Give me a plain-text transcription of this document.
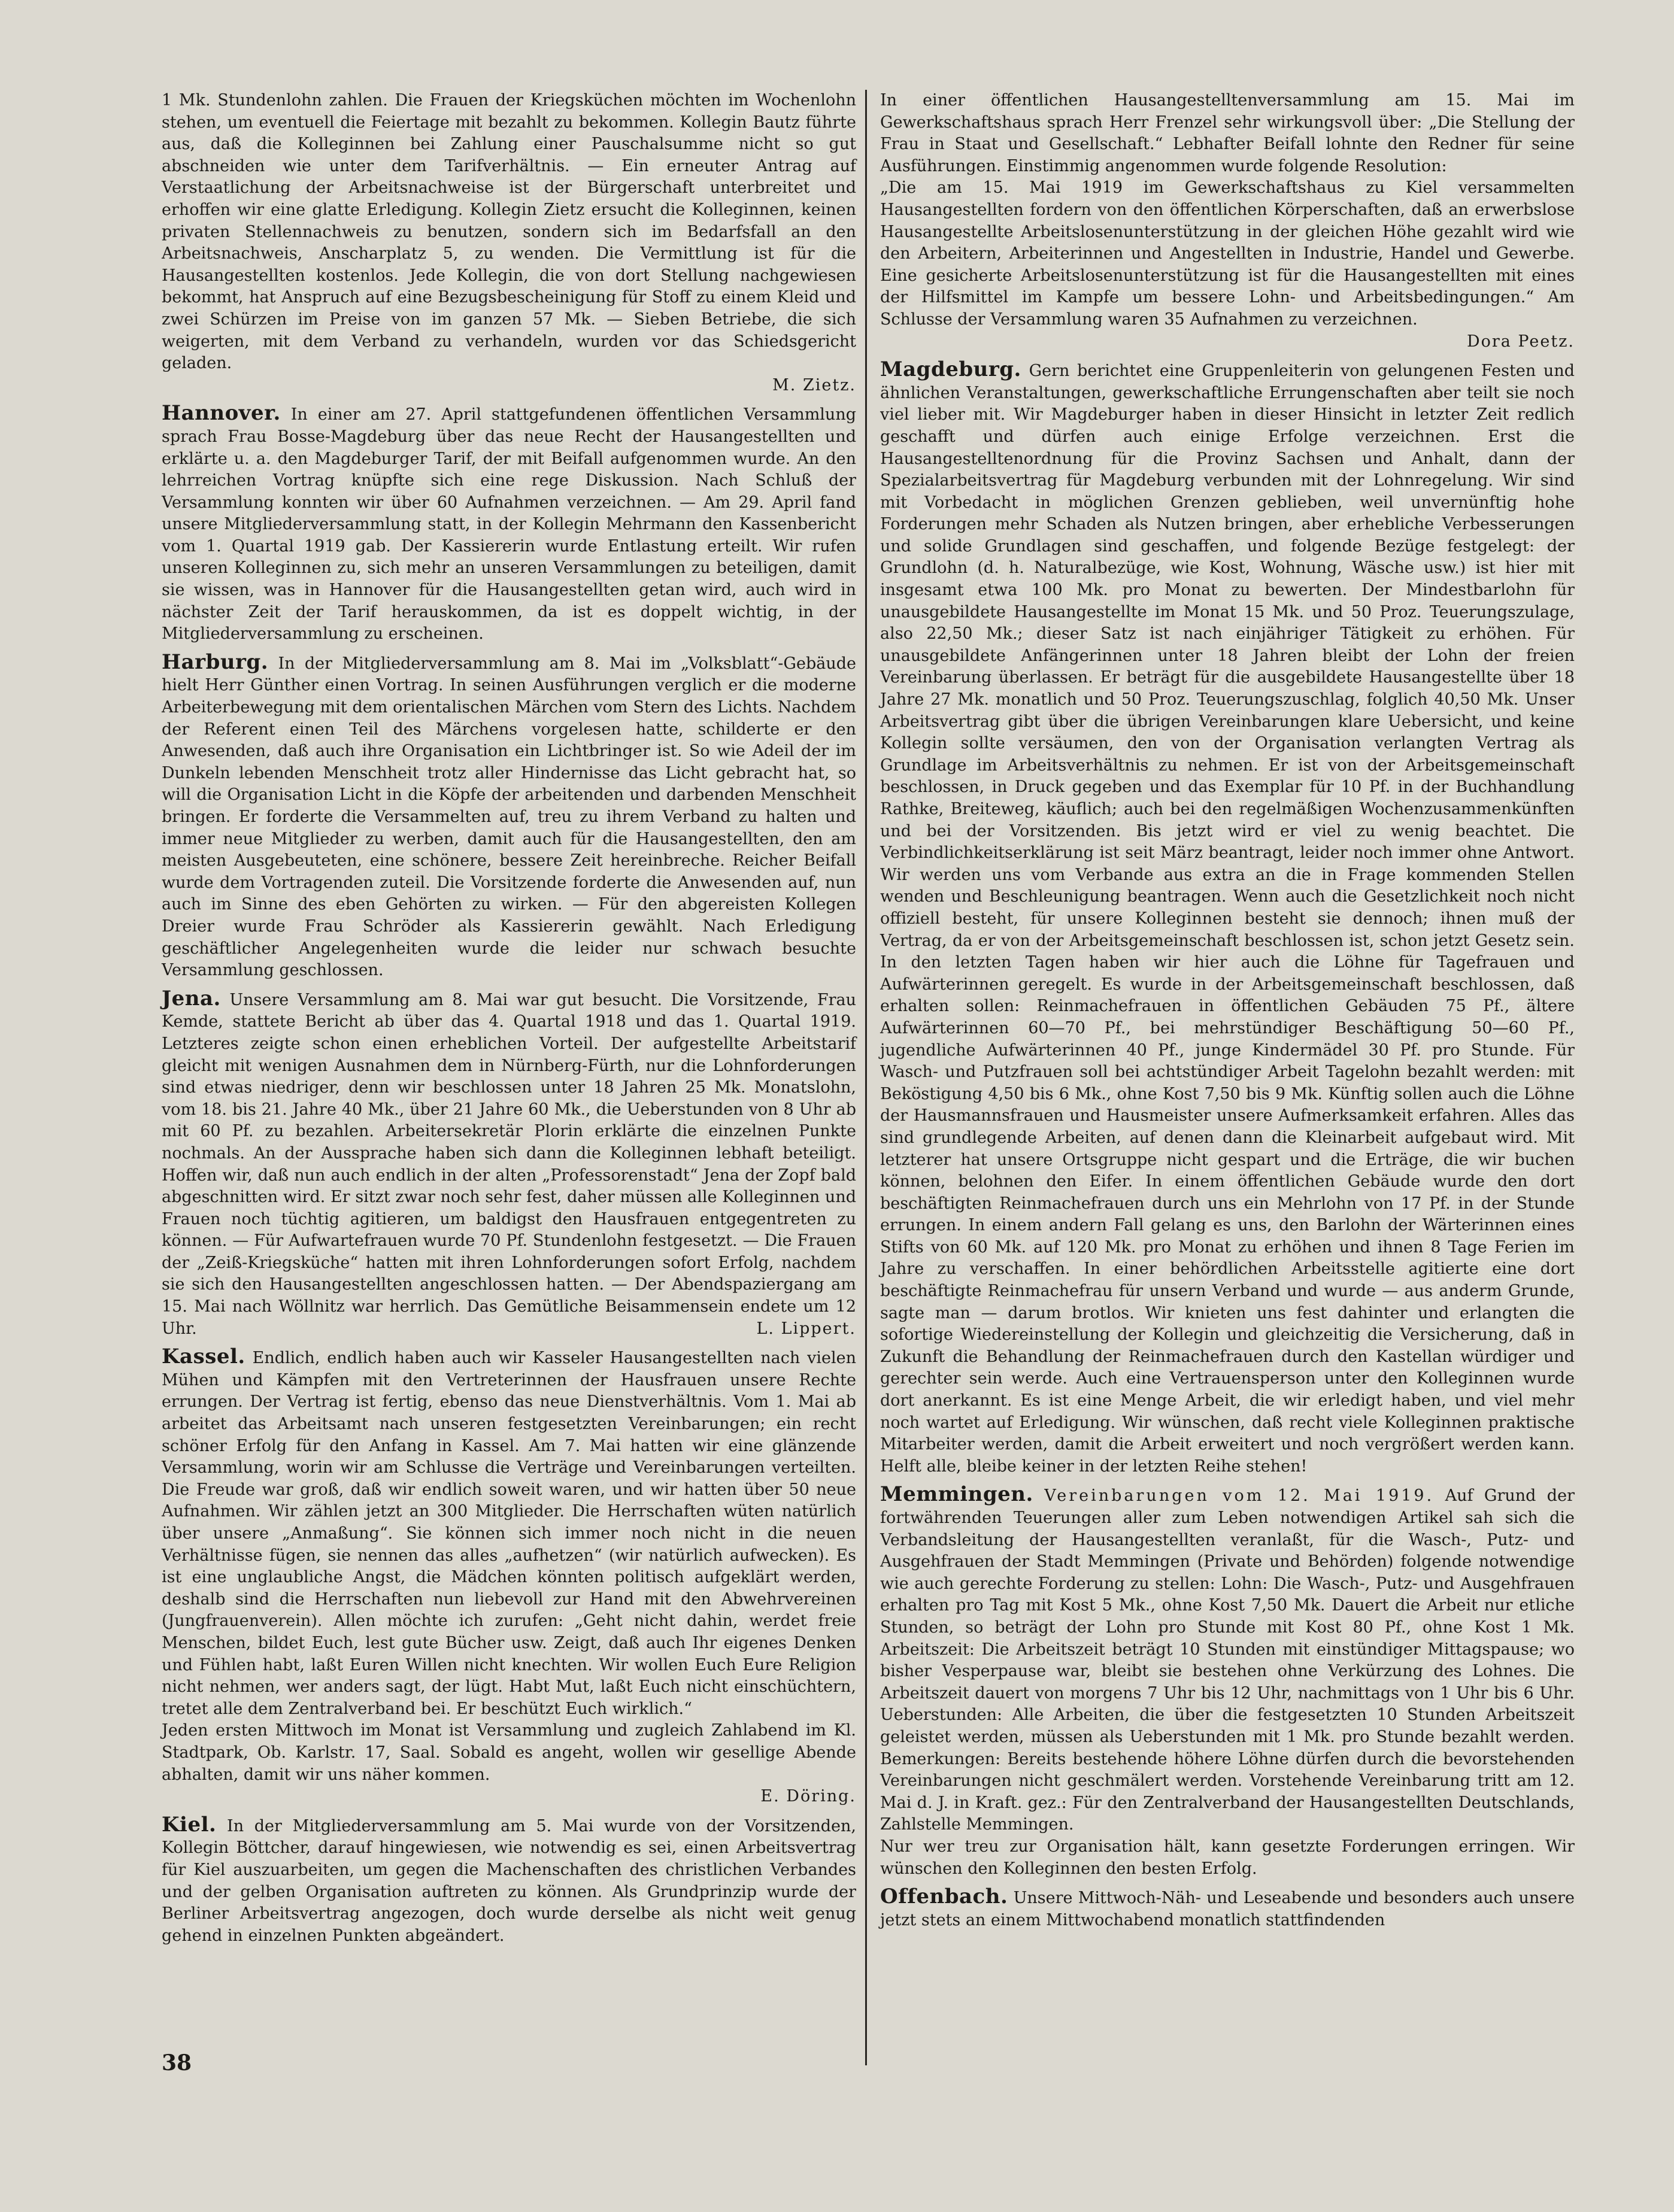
1 Mk. Stundenlohn zahlen. Die Frauen der Kriegsküchen möchten im Wochenlohn stehen, um eventuell die Feiertage mit bezahlt zu bekommen. Kollegin Bautz führte aus, daß die Kolleginnen bei Zahlung einer Pauschalsumme nicht so gut abschneiden wie unter dem Tarifverhältnis. — Ein erneuter Antrag auf Verstaatlichung der Arbeitsnachweise ist der Bürgerschaft unterbreitet und erhoffen wir eine glatte Erledigung. Kollegin Zietz ersucht die Kolleginnen, keinen privaten Stellennachweis zu benutzen, sondern sich im Bedarfsfall an den Arbeitsnachweis, Anscharplatz 5, zu wenden. Die Vermittlung ist für die Hausangestellten kostenlos. Jede Kollegin, die von dort Stellung nachgewiesen bekommt, hat Anspruch auf eine Bezugsbescheinigung für Stoff zu einem Kleid und zwei Schürzen im Preise von im ganzen 57 Mk. — Sieben Betriebe, die sich weigerten, mit dem Verband zu verhandeln, wurden vor das Schiedsgericht geladen.

M. Zietz.

Hannover. In einer am 27. April stattgefundenen öffentlichen Versammlung sprach Frau Bosse-Magdeburg über das neue Recht der Hausangestellten und erklärte u. a. den Magdeburger Tarif, der mit Beifall aufgenommen wurde. An den lehrreichen Vortrag knüpfte sich eine rege Diskussion. Nach Schluß der Versammlung konnten wir über 60 Aufnahmen verzeichnen. — Am 29. April fand unsere Mitgliederversammlung statt, in der Kollegin Mehrmann den Kassenbericht vom 1. Quartal 1919 gab. Der Kassiererin wurde Entlastung erteilt. Wir rufen unseren Kolleginnen zu, sich mehr an unseren Versammlungen zu beteiligen, damit sie wissen, was in Hannover für die Hausangestellten getan wird, auch wird in nächster Zeit der Tarif herauskommen, da ist es doppelt wichtig, in der Mitgliederversammlung zu erscheinen.

Harburg. In der Mitgliederversammlung am 8. Mai im „Volksblatt“-Gebäude hielt Herr Günther einen Vortrag. In seinen Ausführungen verglich er die moderne Arbeiterbewegung mit dem orientalischen Märchen vom Stern des Lichts. Nachdem der Referent einen Teil des Märchens vorgelesen hatte, schilderte er den Anwesenden, daß auch ihre Organisation ein Lichtbringer ist. So wie Adeil der im Dunkeln lebenden Menschheit trotz aller Hindernisse das Licht gebracht hat, so will die Organisation Licht in die Köpfe der arbeitenden und darbenden Menschheit bringen. Er forderte die Versammelten auf, treu zu ihrem Verband zu halten und immer neue Mitglieder zu werben, damit auch für die Hausangestellten, den am meisten Ausgebeuteten, eine schönere, bessere Zeit hereinbreche. Reicher Beifall wurde dem Vortragenden zuteil. Die Vorsitzende forderte die Anwesenden auf, nun auch im Sinne des eben Gehörten zu wirken. — Für den abgereisten Kollegen Dreier wurde Frau Schröder als Kassiererin gewählt. Nach Erledigung geschäftlicher Angelegenheiten wurde die leider nur schwach besuchte Versammlung geschlossen.

Jena. Unsere Versammlung am 8. Mai war gut besucht. Die Vorsitzende, Frau Kemde, stattete Bericht ab über das 4. Quartal 1918 und das 1. Quartal 1919. Letzteres zeigte schon einen erheblichen Vorteil. Der aufgestellte Arbeitstarif gleicht mit wenigen Ausnahmen dem in Nürnberg-Fürth, nur die Lohnforderungen sind etwas niedriger, denn wir beschlossen unter 18 Jahren 25 Mk. Monatslohn, vom 18. bis 21. Jahre 40 Mk., über 21 Jahre 60 Mk., die Ueberstunden von 8 Uhr ab mit 60 Pf. zu bezahlen. Arbeitersekretär Plorin erklärte die einzelnen Punkte nochmals. An der Aussprache haben sich dann die Kolleginnen lebhaft beteiligt. Hoffen wir, daß nun auch endlich in der alten „Professorenstadt“ Jena der Zopf bald abgeschnitten wird. Er sitzt zwar noch sehr fest, daher müssen alle Kolleginnen und Frauen noch tüchtig agitieren, um baldigst den Hausfrauen entgegentreten zu können. — Für Aufwartefrauen wurde 70 Pf. Stundenlohn festgesetzt. — Die Frauen der „Zeiß-Kriegsküche“ hatten mit ihren Lohnforderungen sofort Erfolg, nachdem sie sich den Hausangestellten angeschlossen hatten. — Der Abendspaziergang am 15. Mai nach Wöllnitz war herrlich. Das Gemütliche Beisammensein endete um 12 Uhr.	L. Lippert.

Kassel. Endlich, endlich haben auch wir Kasseler Hausangestellten nach vielen Mühen und Kämpfen mit den Vertreterinnen der Hausfrauen unsere Rechte errungen. Der Vertrag ist fertig, ebenso das neue Dienstverhältnis. Vom 1. Mai ab arbeitet das Arbeitsamt nach unseren festgesetzten Vereinbarungen; ein recht schöner Erfolg für den Anfang in Kassel. Am 7. Mai hatten wir eine glänzende Versammlung, worin wir am Schlusse die Verträge und Vereinbarungen verteilten. Die Freude war groß, daß wir endlich soweit waren, und wir hatten über 50 neue Aufnahmen. Wir zählen jetzt an 300 Mitglieder. Die Herrschaften wüten natürlich über unsere „Anmaßung“. Sie können sich immer noch nicht in die neuen Verhältnisse fügen, sie nennen das alles „aufhetzen“ (wir natürlich aufwecken). Es ist eine unglaubliche Angst, die Mädchen könnten politisch aufgeklärt werden, deshalb sind die Herrschaften nun liebevoll zur Hand mit den Abwehrvereinen (Jungfrauenverein). Allen möchte ich zurufen: „Geht nicht dahin, werdet freie Menschen, bildet Euch, lest gute Bücher usw. Zeigt, daß auch Ihr eigenes Denken und Fühlen habt, laßt Euren Willen nicht knechten. Wir wollen Euch Eure Religion nicht nehmen, wer anders sagt, der lügt. Habt Mut, laßt Euch nicht einschüchtern, tretet alle dem Zentralverband bei. Er beschützt Euch wirklich.“

Jeden ersten Mittwoch im Monat ist Versammlung und zugleich Zahlabend im Kl. Stadtpark, Ob. Karlstr. 17, Saal. Sobald es angeht, wollen wir gesellige Abende abhalten, damit wir uns näher kommen.

E. Döring.

Kiel. In der Mitgliederversammlung am 5. Mai wurde von der Vorsitzenden, Kollegin Böttcher, darauf hingewiesen, wie notwendig es sei, einen Arbeitsvertrag für Kiel auszuarbeiten, um gegen die Machenschaften des christlichen Verbandes und der gelben Organisation auftreten zu können. Als Grundprinzip wurde der Berliner Arbeitsvertrag angezogen, doch wurde derselbe als nicht weit genug gehend in einzelnen Punkten abgeändert.

In einer öffentlichen Hausangestelltenversammlung am 15. Mai im Gewerkschaftshaus sprach Herr Frenzel sehr wirkungsvoll über: „Die Stellung der Frau in Staat und Gesellschaft.“ Lebhafter Beifall lohnte den Redner für seine Ausführungen. Einstimmig angenommen wurde folgende Resolution:

„Die am 15. Mai 1919 im Gewerkschaftshaus zu Kiel versammelten Hausangestellten fordern von den öffentlichen Körperschaften, daß an erwerbslose Hausangestellte Arbeitslosenunterstützung in der gleichen Höhe gezahlt wird wie den Arbeitern, Arbeiterinnen und Angestellten in Industrie, Handel und Gewerbe. Eine gesicherte Arbeitslosenunterstützung ist für die Hausangestellten mit eines der Hilfsmittel im Kampfe um bessere Lohn- und Arbeitsbedingungen.“ Am Schlusse der Versammlung waren 35 Aufnahmen zu verzeichnen.

Dora Peetz.

Magdeburg. Gern berichtet eine Gruppenleiterin von gelungenen Festen und ähnlichen Veranstaltungen, gewerkschaftliche Errungenschaften aber teilt sie noch viel lieber mit. Wir Magdeburger haben in dieser Hinsicht in letzter Zeit redlich geschafft und dürfen auch einige Erfolge verzeichnen. Erst die Hausangestelltenordnung für die Provinz Sachsen und Anhalt, dann der Spezialarbeitsvertrag für Magdeburg verbunden mit der Lohnregelung. Wir sind mit Vorbedacht in möglichen Grenzen geblieben, weil unvernünftig hohe Forderungen mehr Schaden als Nutzen bringen, aber erhebliche Verbesserungen und solide Grundlagen sind geschaffen, und folgende Bezüge festgelegt: der Grundlohn (d. h. Naturalbezüge, wie Kost, Wohnung, Wäsche usw.) ist hier mit insgesamt etwa 100 Mk. pro Monat zu bewerten. Der Mindestbarlohn für unausgebildete Hausangestellte im Monat 15 Mk. und 50 Proz. Teuerungszulage, also 22,50 Mk.; dieser Satz ist nach einjähriger Tätigkeit zu erhöhen. Für unausgebildete Anfängerinnen unter 18 Jahren bleibt der Lohn der freien Vereinbarung überlassen. Er beträgt für die ausgebildete Hausangestellte über 18 Jahre 27 Mk. monatlich und 50 Proz. Teuerungszuschlag, folglich 40,50 Mk. Unser Arbeitsvertrag gibt über die übrigen Vereinbarungen klare Uebersicht, und keine Kollegin sollte versäumen, den von der Organisation verlangten Vertrag als Grundlage im Arbeitsverhältnis zu nehmen. Er ist von der Arbeitsgemeinschaft beschlossen, in Druck gegeben und das Exemplar für 10 Pf. in der Buchhandlung Rathke, Breiteweg, käuflich; auch bei den regelmäßigen Wochenzusammenkünften und bei der Vorsitzenden. Bis jetzt wird er viel zu wenig beachtet. Die Verbindlichkeitserklärung ist seit März beantragt, leider noch immer ohne Antwort. Wir werden uns vom Verbande aus extra an die in Frage kommenden Stellen wenden und Beschleunigung beantragen. Wenn auch die Gesetzlichkeit noch nicht offiziell besteht, für unsere Kolleginnen besteht sie dennoch; ihnen muß der Vertrag, da er von der Arbeitsgemeinschaft beschlossen ist, schon jetzt Gesetz sein. In den letzten Tagen haben wir hier auch die Löhne für Tagefrauen und Aufwärterinnen geregelt. Es wurde in der Arbeitsgemeinschaft beschlossen, daß erhalten sollen: Reinmachefrauen in öffentlichen Gebäuden 75 Pf., ältere Aufwärterinnen 60—70 Pf., bei mehrstündiger Beschäftigung 50—60 Pf., jugendliche Aufwärterinnen 40 Pf., junge Kindermädel 30 Pf. pro Stunde. Für Wasch- und Putzfrauen soll bei achtstündiger Arbeit Tagelohn bezahlt werden: mit Beköstigung 4,50 bis 6 Mk., ohne Kost 7,50 bis 9 Mk. Künftig sollen auch die Löhne der Hausmannsfrauen und Hausmeister unsere Aufmerksamkeit erfahren. Alles das sind grundlegende Arbeiten, auf denen dann die Kleinarbeit aufgebaut wird. Mit letzterer hat unsere Ortsgruppe nicht gespart und die Erträge, die wir buchen können, belohnen den Eifer. In einem öffentlichen Gebäude wurde den dort beschäftigten Reinmachefrauen durch uns ein Mehrlohn von 17 Pf. in der Stunde errungen. In einem andern Fall gelang es uns, den Barlohn der Wärterinnen eines Stifts von 60 Mk. auf 120 Mk. pro Monat zu erhöhen und ihnen 8 Tage Ferien im Jahre zu verschaffen. In einer behördlichen Arbeitsstelle agitierte eine dort beschäftigte Reinmachefrau für unsern Verband und wurde — aus anderm Grunde, sagte man — darum brotlos. Wir knieten uns fest dahinter und erlangten die sofortige Wiedereinstellung der Kollegin und gleichzeitig die Versicherung, daß in Zukunft die Behandlung der Reinmachefrauen durch den Kastellan würdiger und gerechter sein werde. Auch eine Vertrauensperson unter den Kolleginnen wurde dort anerkannt. Es ist eine Menge Arbeit, die wir erledigt haben, und viel mehr noch wartet auf Erledigung. Wir wünschen, daß recht viele Kolleginnen praktische Mitarbeiter werden, damit die Arbeit erweitert und noch vergrößert werden kann. Helft alle, bleibe keiner in der letzten Reihe stehen!

Memmingen. Vereinbarungen vom 12. Mai 1919. Auf Grund der fortwährenden Teuerungen aller zum Leben notwendigen Artikel sah sich die Verbandsleitung der Hausangestellten veranlaßt, für die Wasch-, Putz- und Ausgehfrauen der Stadt Memmingen (Private und Behörden) folgende notwendige wie auch gerechte Forderung zu stellen: Lohn: Die Wasch-, Putz- und Ausgehfrauen erhalten pro Tag mit Kost 5 Mk., ohne Kost 7,50 Mk. Dauert die Arbeit nur etliche Stunden, so beträgt der Lohn pro Stunde mit Kost 80 Pf., ohne Kost 1 Mk. Arbeitszeit: Die Arbeitszeit beträgt 10 Stunden mit einstündiger Mittagspause; wo bisher Vesperpause war, bleibt sie bestehen ohne Verkürzung des Lohnes. Die Arbeitszeit dauert von morgens 7 Uhr bis 12 Uhr, nachmittags von 1 Uhr bis 6 Uhr. Ueberstunden: Alle Arbeiten, die über die festgesetzten 10 Stunden Arbeitszeit geleistet werden, müssen als Ueberstunden mit 1 Mk. pro Stunde bezahlt werden. Bemerkungen: Bereits bestehende höhere Löhne dürfen durch die bevorstehenden Vereinbarungen nicht geschmälert werden. Vorstehende Vereinbarung tritt am 12. Mai d. J. in Kraft. gez.: Für den Zentralverband der Hausangestellten Deutschlands, Zahlstelle Memmingen.

Nur wer treu zur Organisation hält, kann gesetzte Forderungen erringen. Wir wünschen den Kolleginnen den besten Erfolg.

Offenbach. Unsere Mittwoch-Näh- und Leseabende und besonders auch unsere jetzt stets an einem Mittwochabend monatlich stattfindenden

38
